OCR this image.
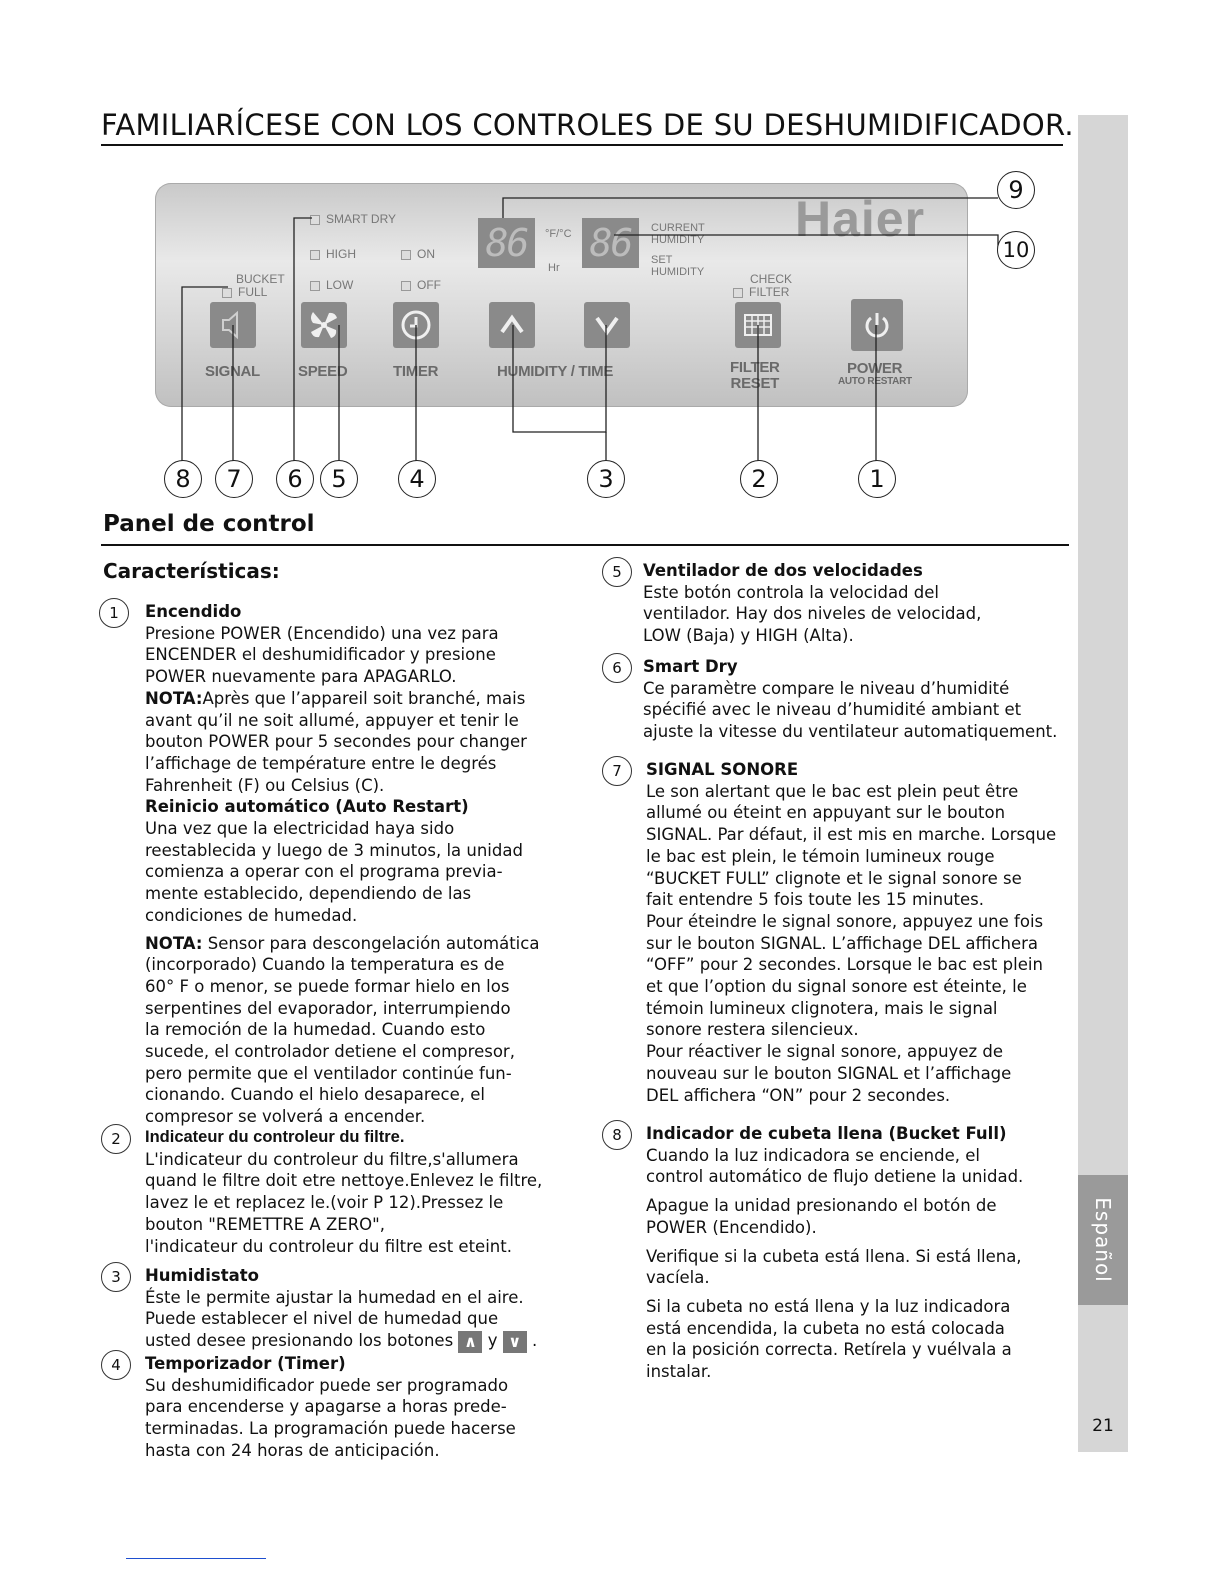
FAMILIARÍCESE CON LOS CONTROLES DE SU DESHUMIDIFICADOR.
Español
21
Haier
SMART DRY
HIGH
LOW
ON
OFF
BUCKET
FULL
CHECK
FILTER
86	°F/°C
Hr
86	CURRENT
HUMIDITY
SET
HUMIDITY
SIGNAL	SPEED	TIMER	HUMIDITY / TIME	FILTER
RESET
POWER
AUTO RESTART
8	7	6	5	4	3	2	1
9
10
Panel de control
Características:
1	Encendido

Presione POWER (Encendido) una vez para

ENCENDER el deshumidificador y presione

POWER nuevamente para APAGARLO.

NOTA:Après que l’appareil soit branché, mais

avant qu’il ne soit allumé, appuyer et tenir le

bouton POWER pour 5 secondes pour changer

l’affichage de température entre le degrés

Fahrenheit (F) ou Celsius (C).

Reinicio automático (Auto Restart)

Una vez que la electricidad haya sido

reestablecida y luego de 3 minutos, la unidad

comienza a operar con el programa previa-

mente establecido, dependiendo de las

condiciones de humedad.

NOTA: Sensor para descongelación automática

(incorporado) Cuando la temperatura es de

60° F o menor, se puede formar hielo en los

serpentines del evaporador, interrumpiendo

la remoción de la humedad. Cuando esto

sucede, el controlador detiene el compresor,

pero permite que el ventilador continúe fun-

cionando. Cuando el hielo desaparece, el

compresor se volverá a encender.

2	Indicateur du controleur du filtre.

L'indicateur du controleur du filtre,s'allumera

quand le filtre doit etre nettoye.Enlevez le filtre,

lavez le et replacez le.(voir P 12).Pressez le

bouton "REMETTRE A ZERO",

l'indicateur du controleur du filtre est eteint.

3	Humidistato

Éste le permite ajustar la humedad en el aire.

Puede establecer el nivel de humedad que

usted desee presionando los botones ∧ y ∨ .

4	Temporizador (Timer)

Su deshumidificador puede ser programado

para encenderse y apagarse a horas prede-

terminadas. La programación puede hacerse

hasta con 24 horas de anticipación.

5	Ventilador de dos velocidades

Este botón controla la velocidad del

ventilador. Hay dos niveles de velocidad,

LOW (Baja) y HIGH (Alta).

6	Smart Dry

Ce paramètre compare le niveau d’humidité

spécifié avec le niveau d’humidité ambiant et

ajuste la vitesse du ventilateur automatiquement.

7	SIGNAL SONORE

Le son alertant que le bac est plein peut être

allumé ou éteint en appuyant sur le bouton

SIGNAL. Par défaut, il est mis en marche. Lorsque

le bac est plein, le témoin lumineux rouge

“BUCKET FULL” clignote et le signal sonore se

fait entendre 5 fois toute les 15 minutes.

Pour éteindre le signal sonore, appuyez une fois

sur le bouton SIGNAL. L’affichage DEL affichera

“OFF” pour 2 secondes. Lorsque le bac est plein

et que l’option du signal sonore est éteinte, le

témoin lumineux clignotera, mais le signal

sonore restera silencieux.

Pour réactiver le signal sonore, appuyez de

nouveau sur le bouton SIGNAL et l’affichage

DEL affichera “ON” pour 2 secondes.

8	Indicador de cubeta llena (Bucket Full)

Cuando la luz indicadora se enciende, el

control automático de flujo detiene la unidad.

Apague la unidad presionando el botón de

POWER (Encendido).

Verifique si la cubeta está llena. Si está llena,

vacíela.

Si la cubeta no está llena y la luz indicadora

está encendida, la cubeta no está colocada

en la posición correcta. Retírela y vuélvala a

instalar.
